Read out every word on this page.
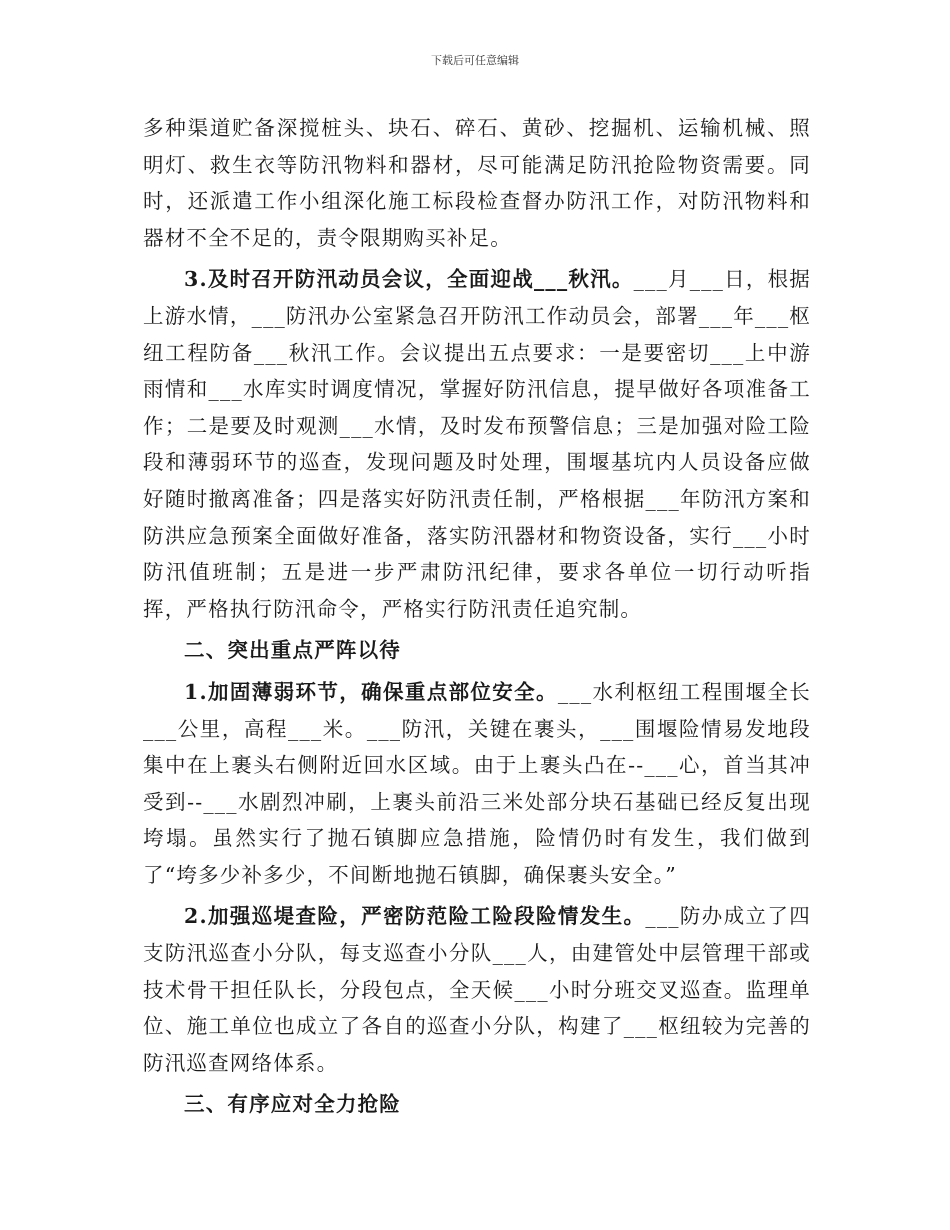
下载后可任意编辑

多种渠道贮备深搅桩头、块石、碎石、黄砂、挖掘机、运输机械、照明灯、救生衣等防汛物料和器材，尽可能满足防汛抢险物资需要。同时，还派遣工作小组深化施工标段检查督办防汛工作，对防汛物料和器材不全不足的，责令限期购买补足。

3.及时召开防汛动员会议，全面迎战___秋汛。___月___日，根据上游水情，___防汛办公室紧急召开防汛工作动员会，部署___年___枢纽工程防备___秋汛工作。会议提出五点要求：一是要密切___上中游雨情和___水库实时调度情况，掌握好防汛信息，提早做好各项准备工作；二是要及时观测___水情，及时发布预警信息；三是加强对险工险段和薄弱环节的巡查，发现问题及时处理，围堰基坑内人员设备应做好随时撤离准备；四是落实好防汛责任制，严格根据___年防汛方案和防洪应急预案全面做好准备，落实防汛器材和物资设备，实行___小时防汛值班制；五是进一步严肃防汛纪律，要求各单位一切行动听指挥，严格执行防汛命令，严格实行防汛责任追究制。

二、突出重点严阵以待

1.加固薄弱环节，确保重点部位安全。___水利枢纽工程围堰全长___公里，高程___米。___防汛，关键在裹头，___围堰险情易发地段集中在上裹头右侧附近回水区域。由于上裹头凸在--___心，首当其冲受到--___水剧烈冲刷，上裹头前沿三米处部分块石基础已经反复出现垮塌。虽然实行了抛石镇脚应急措施，险情仍时有发生，我们做到了“垮多少补多少，不间断地抛石镇脚，确保裹头安全。”

2.加强巡堤查险，严密防范险工险段险情发生。___防办成立了四支防汛巡查小分队，每支巡查小分队___人，由建管处中层管理干部或技术骨干担任队长，分段包点，全天候___小时分班交叉巡查。监理单位、施工单位也成立了各自的巡查小分队，构建了___枢纽较为完善的防汛巡查网络体系。

三、有序应对全力抢险
